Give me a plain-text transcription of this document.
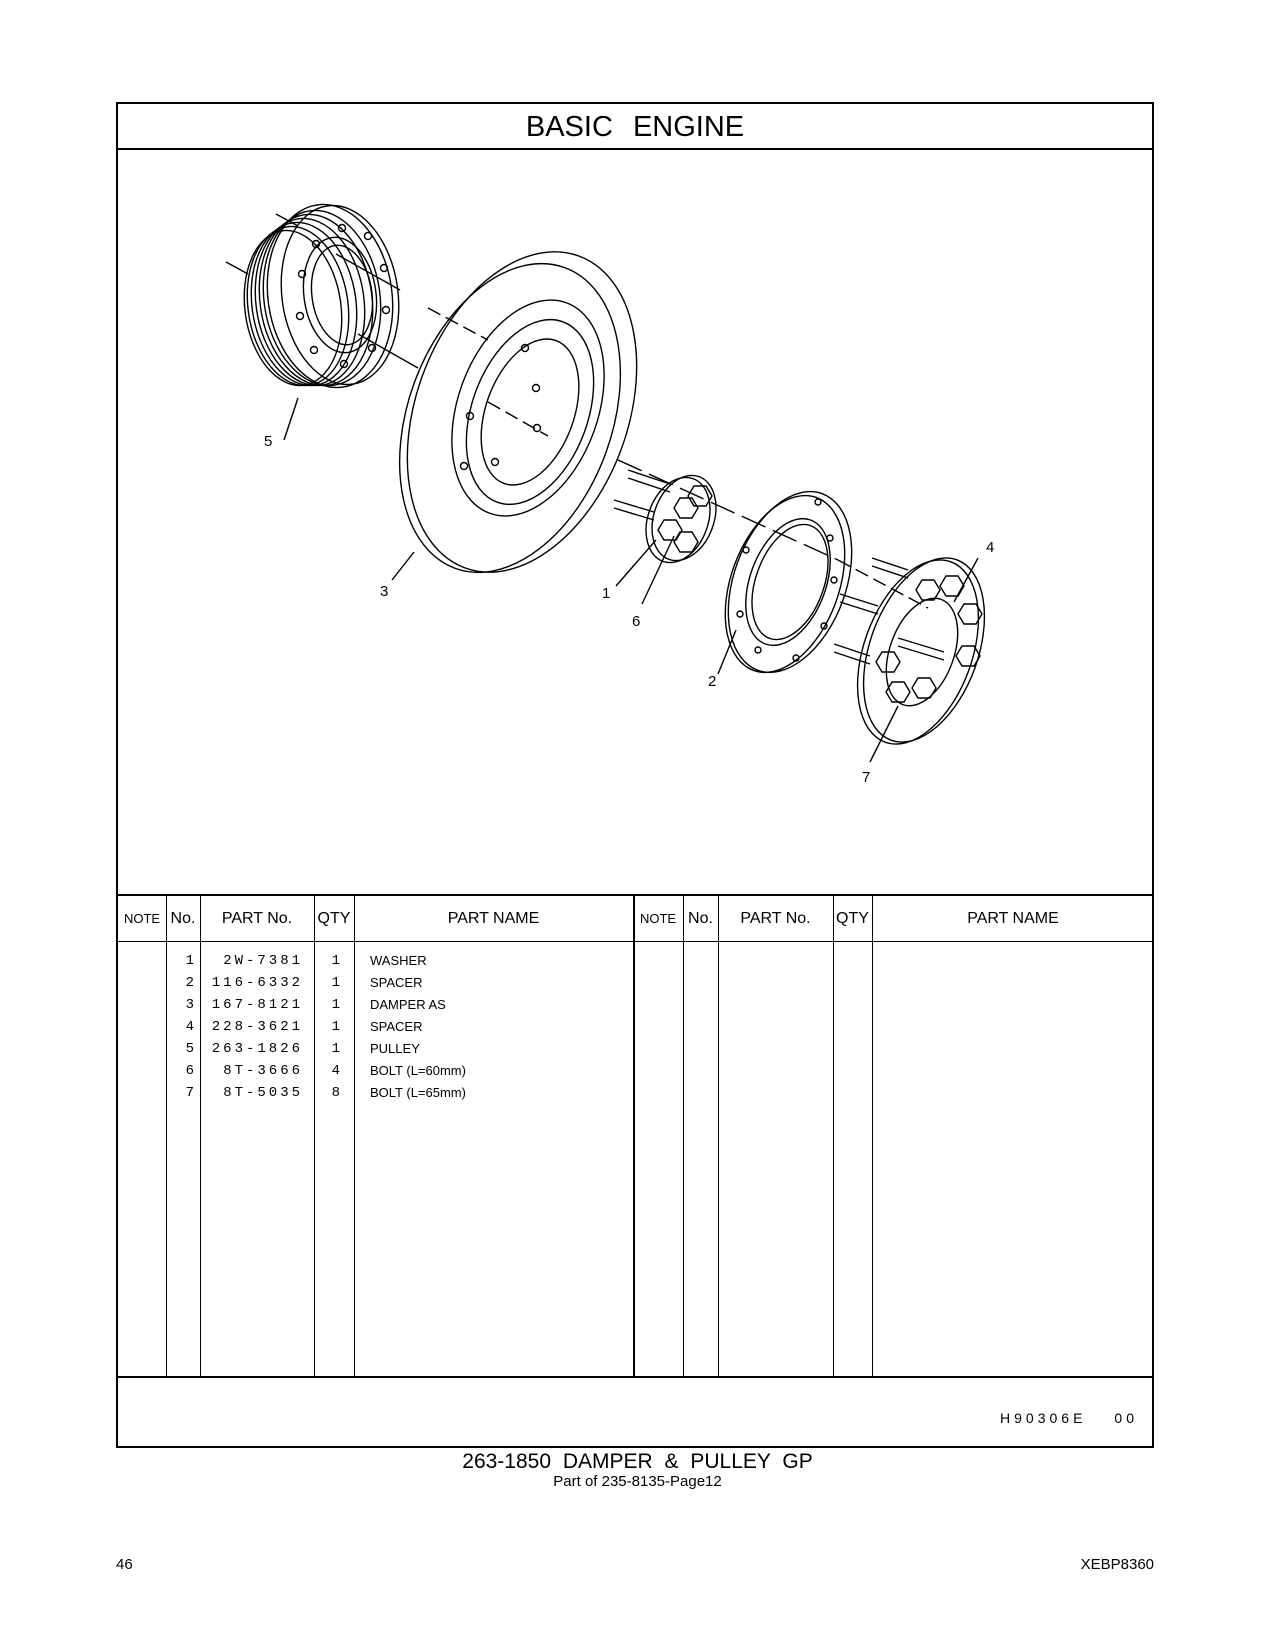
BASIC ENGINE
1
2
3
4
5
6
7
NOTE No.	PART No.	QTY	PART NAME	NOTE No.	PART No.	QTY	PART NAME
1	2W-7381	1 WASHER
2	116-6332	1 SPACER
3	167-8121	1 DAMPER AS
4	228-3621	1 SPACER
5	263-1826	1 PULLEY
6	8T-3666	4 BOLT (L=60mm)
7	8T-5035	8 BOLT (L=65mm)
H90306E 00
263-1850 DAMPER & PULLEY GP
Part of 235-8135-Page12
46	XEBP8360
